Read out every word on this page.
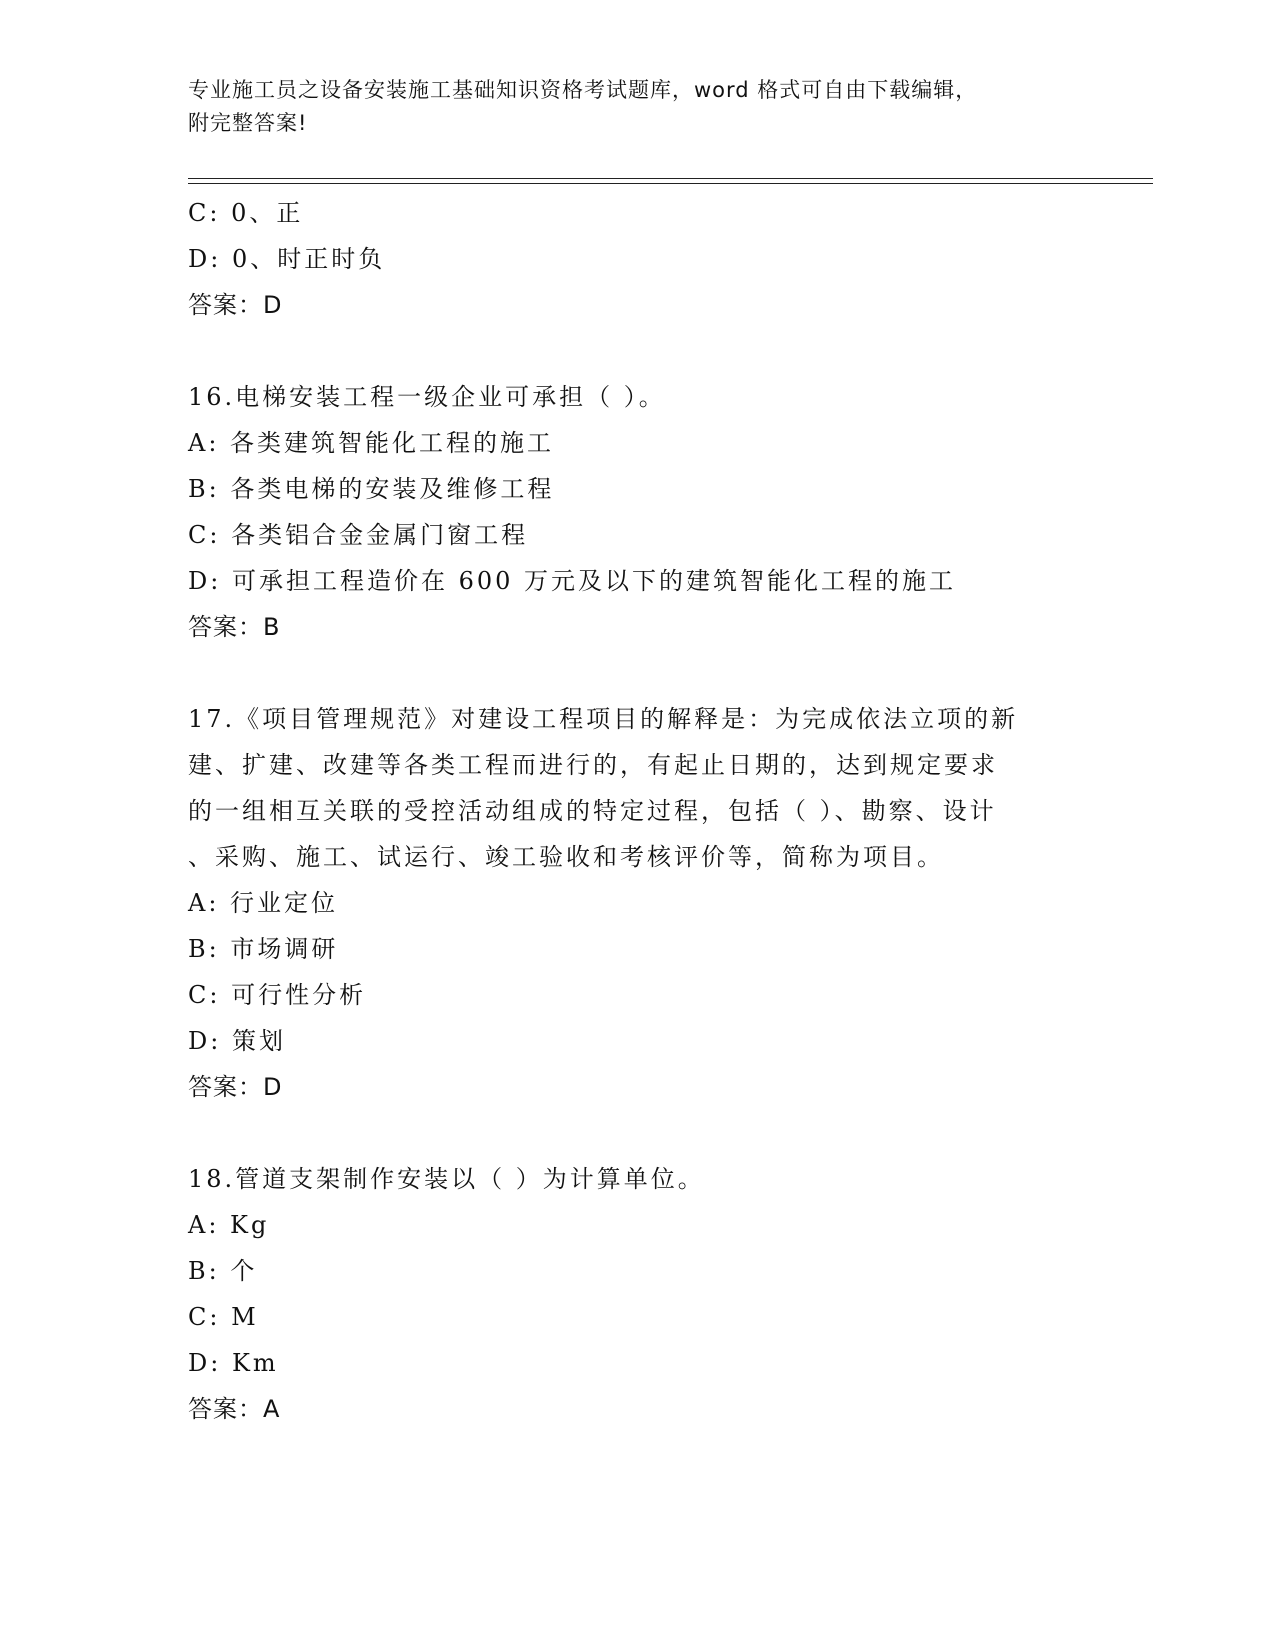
专业施工员之设备安装施工基础知识资格考试题库，word 格式可自由下载编辑，
附完整答案!
C: 0、正
D: 0、时正时负
答案：D
16.电梯安装工程一级企业可承担（ ）。
A: 各类建筑智能化工程的施工
B: 各类电梯的安装及维修工程
C: 各类铝合金金属门窗工程
D: 可承担工程造价在 600 万元及以下的建筑智能化工程的施工
答案：B
17.《项目管理规范》对建设工程项目的解释是：为完成依法立项的新
建、扩建、改建等各类工程而进行的，有起止日期的，达到规定要求
的一组相互关联的受控活动组成的特定过程，包括（ ）、勘察、设计
、采购、施工、试运行、竣工验收和考核评价等，简称为项目。
A: 行业定位
B: 市场调研
C: 可行性分析
D: 策划
答案：D
18.管道支架制作安装以（ ）为计算单位。
A: Kg
B: 个
C: M
D: Km
答案：A
